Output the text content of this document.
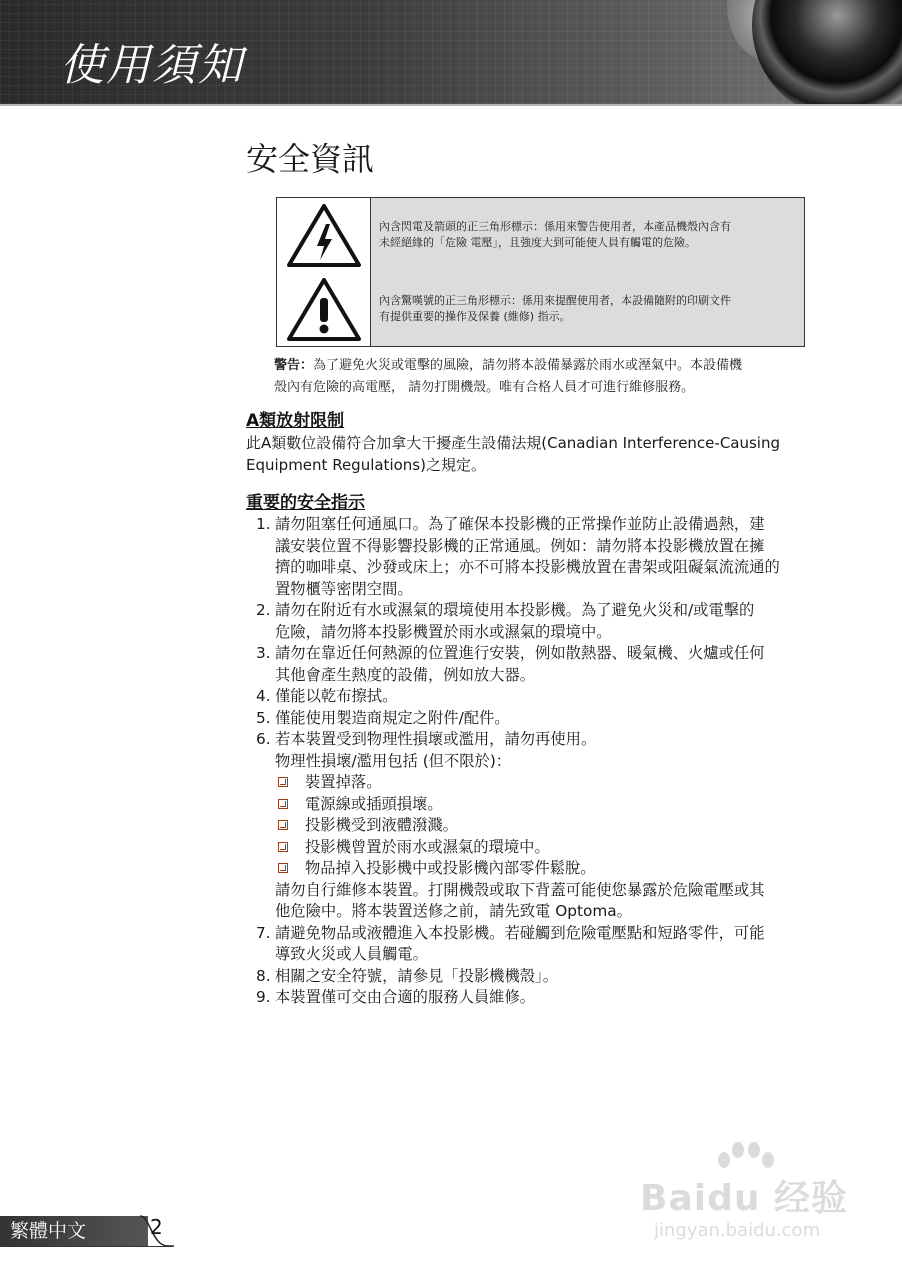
使用須知
安全資訊
內含閃電及箭頭的正三角形標示：係用來警告使用者，本產品機殼內含有
未經絕緣的「危險 電壓」，且強度大到可能使人員有觸電的危險。
內含驚嘆號的正三角形標示：係用來提醒使用者，本設備隨附的印刷文件
有提供重要的操作及保養 (維修) 指示。

警告：為了避免火災或電擊的風險，請勿將本設備暴露於雨水或溼氣中。本設備機
殼內有危險的高電壓， 請勿打開機殼。唯有合格人員才可進行維修服務。

A類放射限制

此A類數位設備符合加拿大干擾產生設備法規(Canadian Interference-Causing
Equipment Regulations)之規定。

重要的安全指示
1. 請勿阻塞任何通風口。為了確保本投影機的正常操作並防止設備過熱，建
議安裝位置不得影響投影機的正常通風。例如：請勿將本投影機放置在擁
擠的咖啡桌、沙發或床上；亦不可將本投影機放置在書架或阻礙氣流流通的
置物櫃等密閉空間。
2. 請勿在附近有水或濕氣的環境使用本投影機。為了避免火災和/或電擊的
危險，請勿將本投影機置於雨水或濕氣的環境中。
3. 請勿在靠近任何熱源的位置進行安裝，例如散熱器、暖氣機、火爐或任何
其他會產生熱度的設備，例如放大器。
4. 僅能以乾布擦拭。
5. 僅能使用製造商規定之附件/配件。
6. 若本裝置受到物理性損壞或濫用，請勿再使用。
物理性損壞/濫用包括 (但不限於)：
裝置掉落。
電源線或插頭損壞。
投影機受到液體潑濺。
投影機曾置於雨水或濕氣的環境中。
物品掉入投影機中或投影機內部零件鬆脫。
請勿自行維修本裝置。打開機殼或取下背蓋可能使您暴露於危險電壓或其
他危險中。將本裝置送修之前，請先致電 Optoma。
7. 請避免物品或液體進入本投影機。若碰觸到危險電壓點和短路零件，可能
導致火災或人員觸電。
8. 相關之安全符號，請參見「投影機機殼」。
9. 本裝置僅可交由合適的服務人員維修。

繁體中文	2

Baidu 经验

jingyan.baidu.com
